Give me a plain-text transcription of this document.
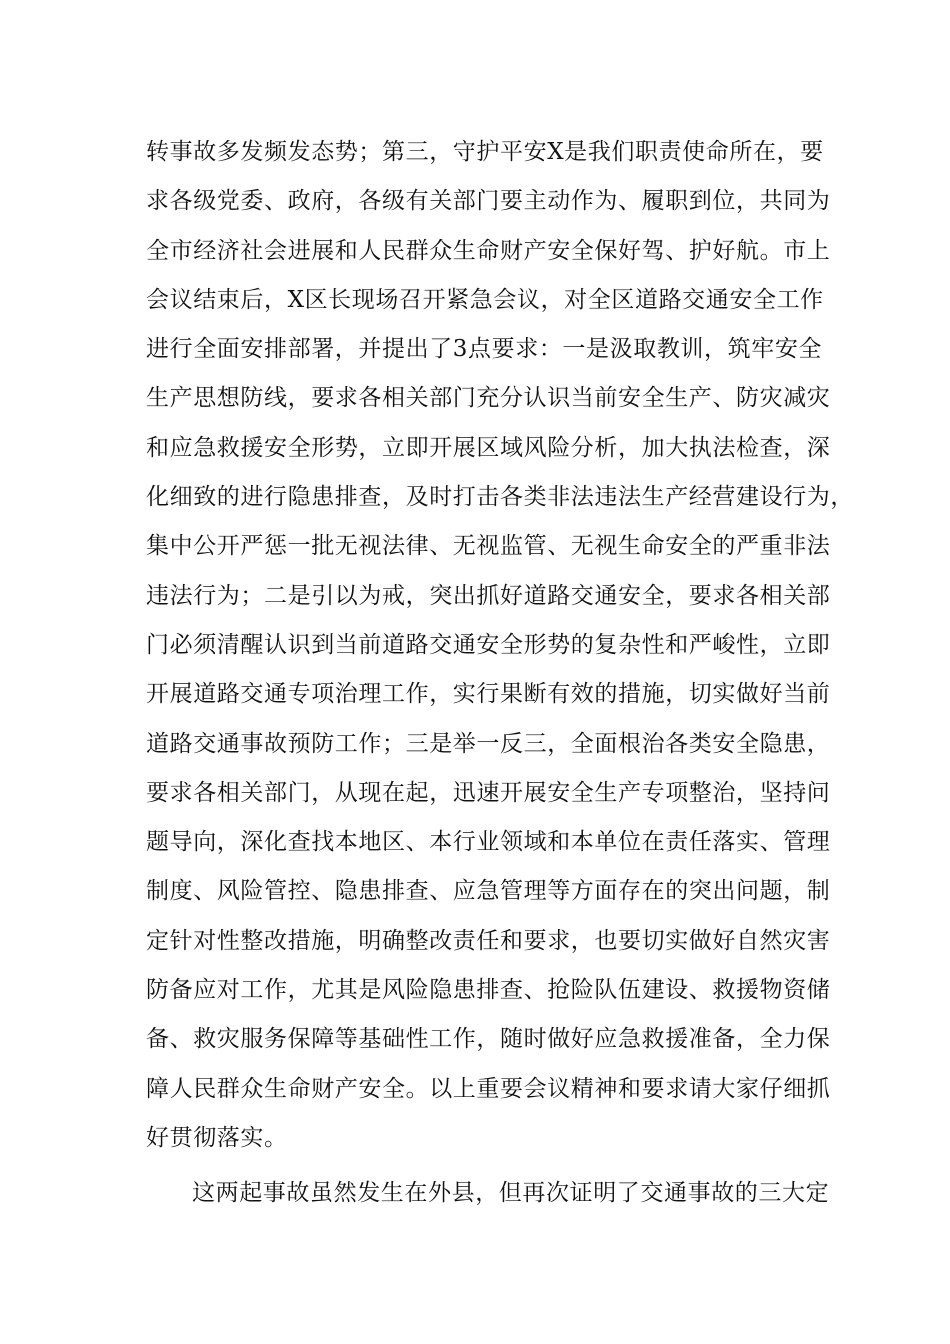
转事故多发频发态势；第三，守护平安X是我们职责使命所在，要
求各级党委、政府，各级有关部门要主动作为、履职到位，共同为
全市经济社会进展和人民群众生命财产安全保好驾、护好航。市上
会议结束后，X区长现场召开紧急会议，对全区道路交通安全工作
进行全面安排部署，并提出了3点要求：一是汲取教训，筑牢安全
生产思想防线，要求各相关部门充分认识当前安全生产、防灾减灾
和应急救援安全形势，立即开展区域风险分析，加大执法检查，深
化细致的进行隐患排查，及时打击各类非法违法生产经营建设行为，
集中公开严惩一批无视法律、无视监管、无视生命安全的严重非法
违法行为；二是引以为戒，突出抓好道路交通安全，要求各相关部
门必须清醒认识到当前道路交通安全形势的复杂性和严峻性，立即
开展道路交通专项治理工作，实行果断有效的措施，切实做好当前
道路交通事故预防工作；三是举一反三，全面根治各类安全隐患，
要求各相关部门，从现在起，迅速开展安全生产专项整治，坚持问
题导向，深化查找本地区、本行业领域和本单位在责任落实、管理
制度、风险管控、隐患排查、应急管理等方面存在的突出问题，制
定针对性整改措施，明确整改责任和要求，也要切实做好自然灾害
防备应对工作，尤其是风险隐患排查、抢险队伍建设、救援物资储
备、救灾服务保障等基础性工作，随时做好应急救援准备，全力保
障人民群众生命财产安全。以上重要会议精神和要求请大家仔细抓
好贯彻落实。
这两起事故虽然发生在外县，但再次证明了交通事故的三大定
